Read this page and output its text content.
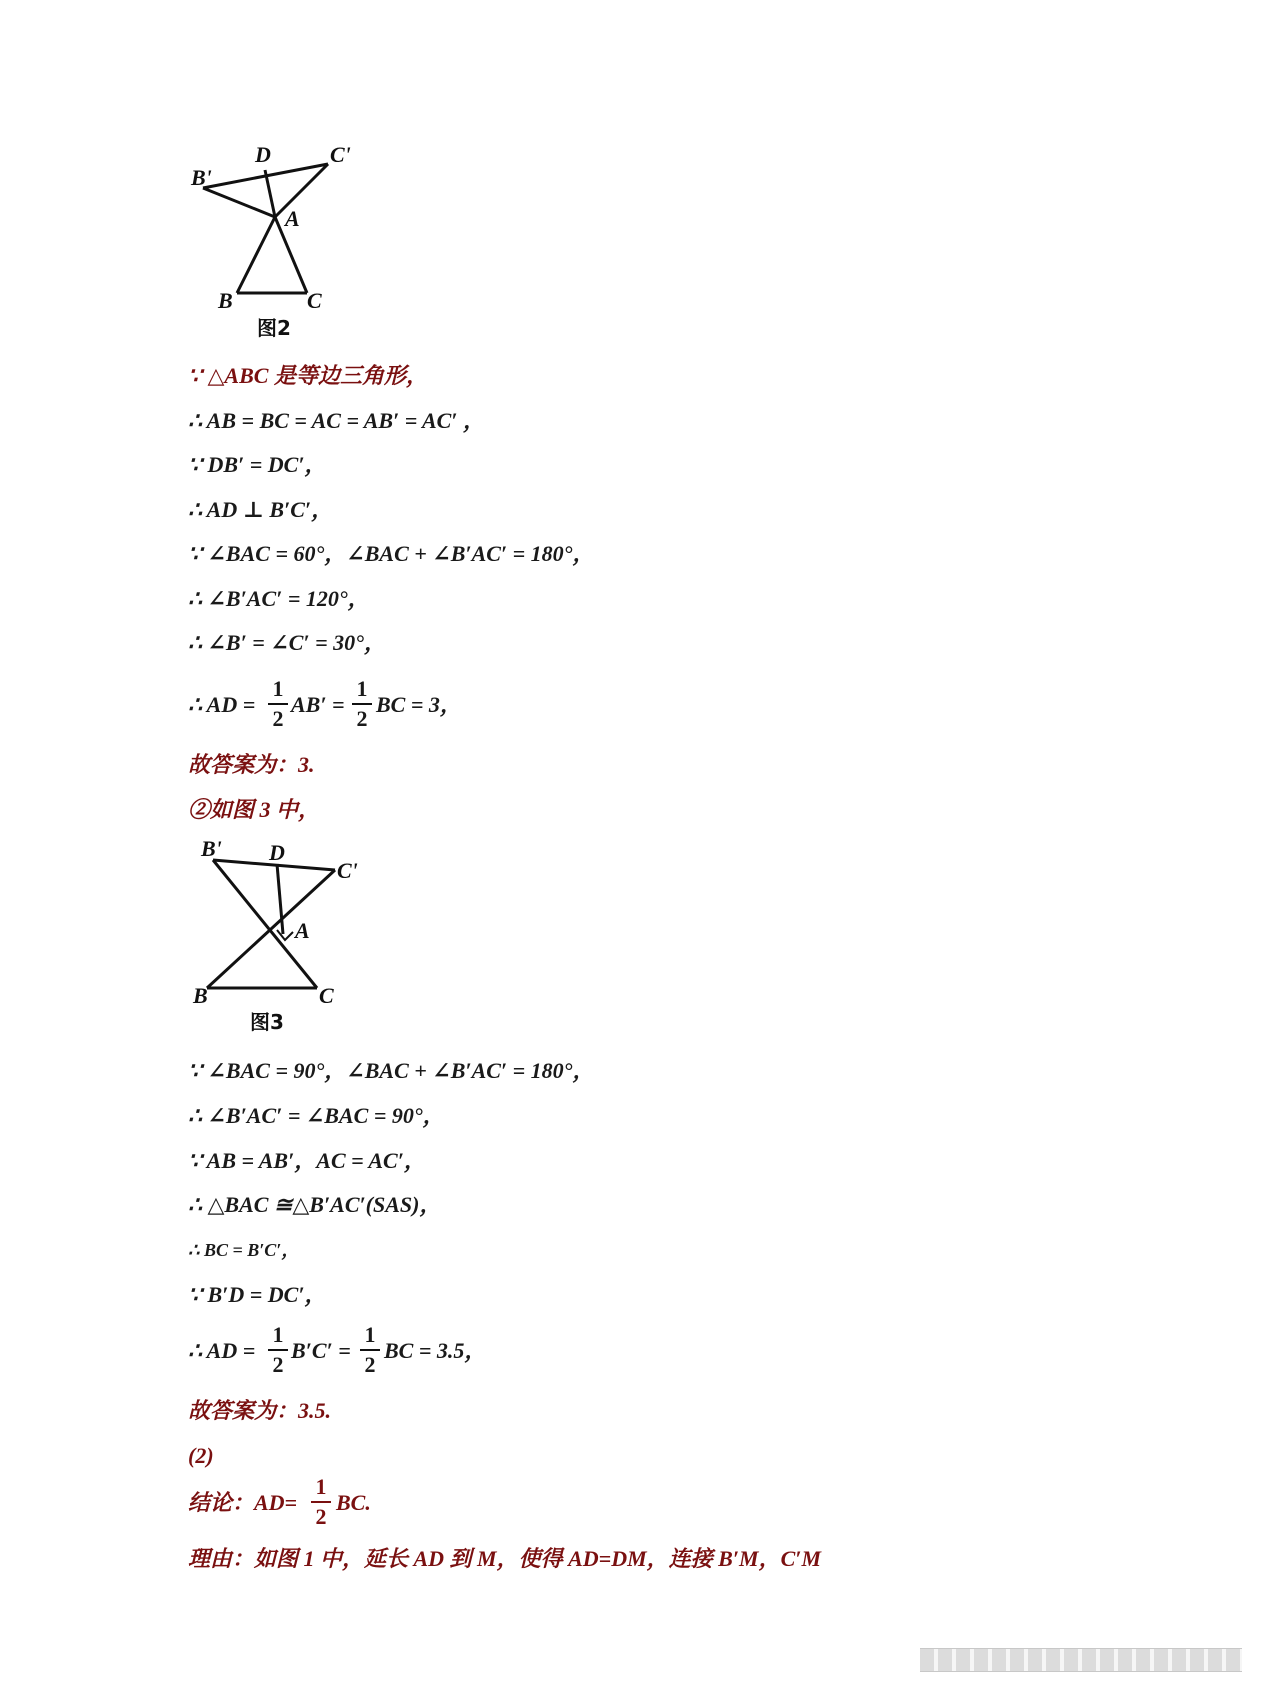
B'
D	C'
A
B	C
图2
∵ △ABC 是等边三角形，
∴ AB = BC = AC = AB′ = AC′ ，
∵ DB′ = DC′，
∴ AD ⊥ B′C′，
∵ ∠BAC = 60°，∠BAC + ∠B′AC′ = 180°，
∴ ∠B′AC′ = 120°，
∴ ∠B′ = ∠C′ = 30°，
∴ AD =
1
2
AB′ =
1
2
BC = 3，
故答案为：3.
②如图 3 中，
B' D
C'
A
B	C
图3
∵ ∠BAC = 90°，∠BAC + ∠B′AC′ = 180°，
∴ ∠B′AC′ = ∠BAC = 90°，
∵ AB = AB′，AC = AC′，
∴ △BAC ≅△B′AC′(SAS)，
∴ BC = B′C′，
∵ B′D = DC′，
∴ AD =
1
2
B′C′ =
1
2
BC = 3.5，
故答案为：3.5.
(2)
结论：AD=
1
2
BC.
理由：如图 1 中，延长 AD 到 M，使得 AD=DM，连接 B′M，C′M
